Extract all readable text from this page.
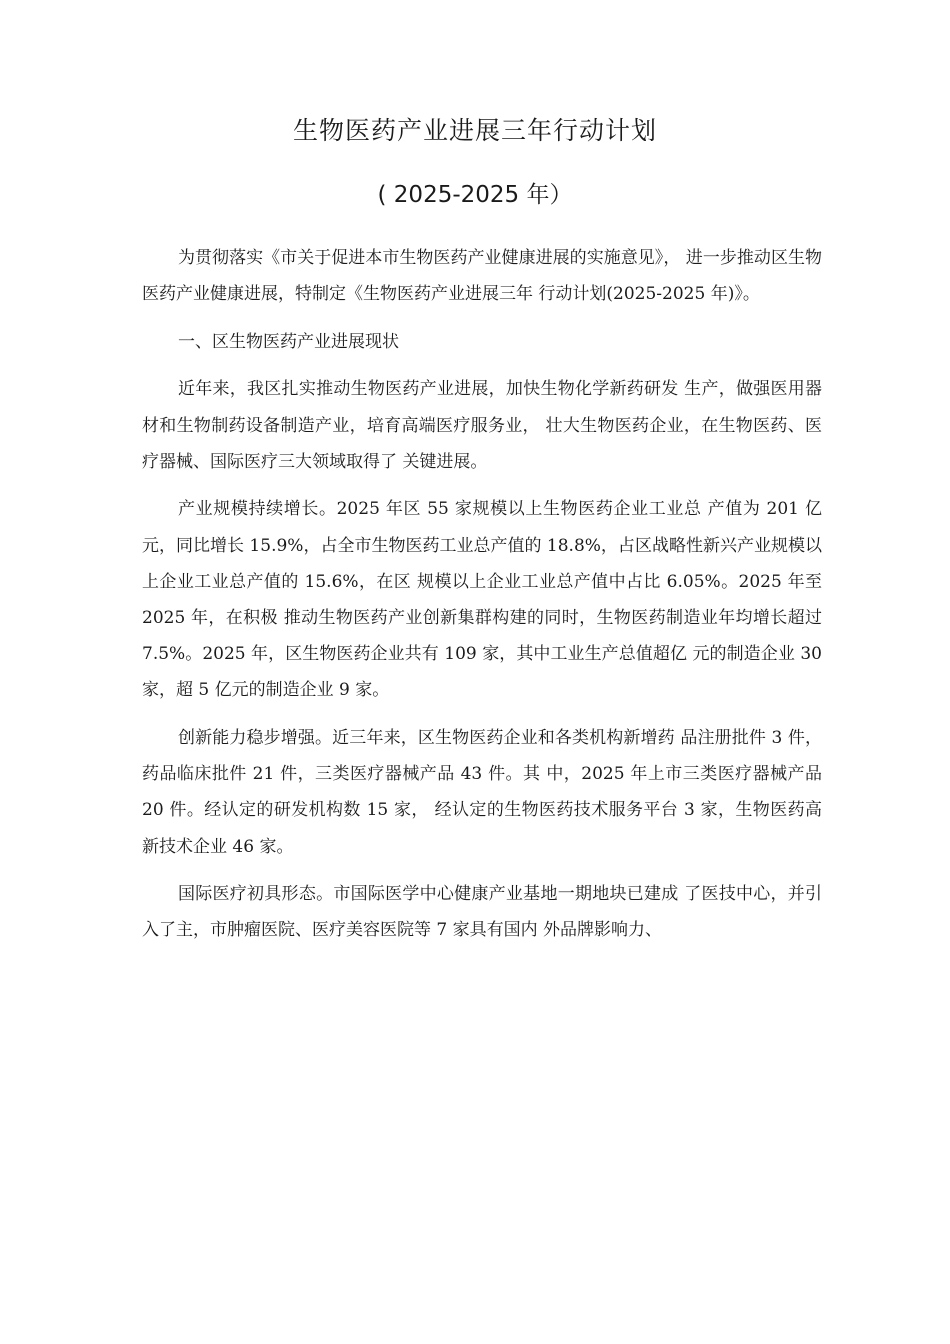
生物医药产业进展三年行动计划
( 2025-2025 年）

为贯彻落实《市关于促进本市生物医药产业健康进展的实施意见》， 进一步推动区生物医药产业健康进展，特制定《生物医药产业进展三年 行动计划(2025-2025 年)》。

一、区生物医药产业进展现状

近年来，我区扎实推动生物医药产业进展，加快生物化学新药研发 生产，做强医用器材和生物制药设备制造产业，培育高端医疗服务业， 壮大生物医药企业，在生物医药、医疗器械、国际医疗三大领域取得了 关键进展。

产业规模持续增长。2025 年区 55 家规模以上生物医药企业工业总 产值为 201 亿元，同比增长 15.9%，占全市生物医药工业总产值的 18.8%，占区战略性新兴产业规模以上企业工业总产值的 15.6%，在区 规模以上企业工业总产值中占比 6.05%。2025 年至 2025 年，在积极 推动生物医药产业创新集群构建的同时，生物医药制造业年均增长超过 7.5%。2025 年，区生物医药企业共有 109 家，其中工业生产总值超亿 元的制造企业 30 家，超 5 亿元的制造企业 9 家。

创新能力稳步增强。近三年来，区生物医药企业和各类机构新增药 品注册批件 3 件，药品临床批件 21 件，三类医疗器械产品 43 件。其 中，2025 年上市三类医疗器械产品 20 件。经认定的研发机构数 15 家， 经认定的生物医药技术服务平台 3 家，生物医药高新技术企业 46 家。

国际医疗初具形态。市国际医学中心健康产业基地一期地块已建成 了医技中心，并引入了主，市肿瘤医院、医疗美容医院等 7 家具有国内 外品牌影响力、
